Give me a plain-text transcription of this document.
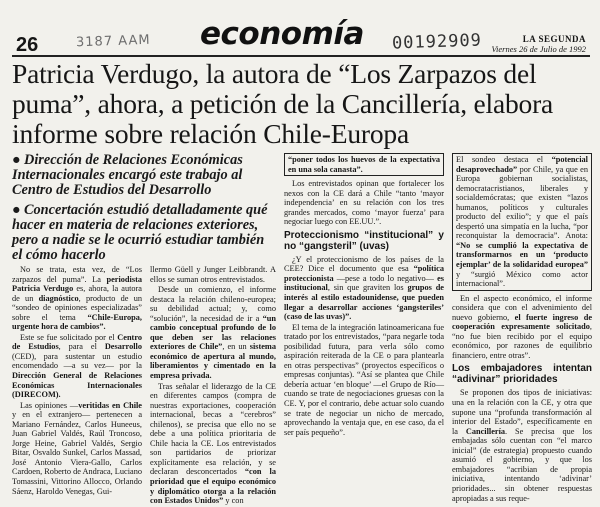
26	3187 AAM economía 00192909	LA SEGUNDA
Viernes 26 de Julio de 1992
Patricia Verdugo, la autora de “Los Zarpazos del puma”, ahora, a petición de la Cancillería, elabora informe sobre relación Chile-Europa

● Dirección de Relaciones Económicas Internacionales encargó este trabajo al Centro de Estudios del Desarrollo

● Concertación estudió detalladamente qué hacer en materia de relaciones exteriores, pero a nadie se le ocurrió estudiar también el cómo hacerlo

No se trata, esta vez, de “Los zarpazos del puma”. La periodista Patricia Verdugo es, ahora, la autora de un diagnóstico, producto de un “sondeo de opiniones especializadas” sobre el tema “Chile-Europa, urgente hora de cambios”.

Este se fue solicitado por el Centro de Estudios, para el Desarrollo (CED), para sustentar un estudio encomendado —a su vez— por la Dirección General de Relaciones Económicas Internacionales (DIRECOM).

Las opiniones —veritidas en Chile y en el extranjero— pertenecen a Mariano Fernández, Carlos Huneeus, Juan Gabriel Valdés, Raúl Troncoso, Jorge Heine, Gabriel Valdés, Sergio Bitar, Osvaldo Sunkel, Carlos Massad, José Antonio Viera-Gallo, Carlos Cardoen, Roberto de Andraca, Luciano Tomassini, Vittorino Allocco, Orlando Sáenz, Haroldo Venegas, Gui-

llermo Güell y Junger Leibbrandt. A ellos se suman otros entrevistados.

Desde un comienzo, el informe destaca la relación chileno-europea; su debilidad actual; y, como “solución”, la necesidad de ir a “un cambio conceptual profundo de lo que deben ser las relaciones exteriores de Chile”, en un sistema económico de apertura al mundo, liberamientos y cimentado en la empresa privada.

Tras señalar el liderazgo de la CE en diferentes campos (compra de nuestras exportaciones, cooperación internacional, becas a “cerebros” chilenos), se precisa que ello no se debe a una política prioritaria de Chile hacia la CE. Los entrevistados son partidarios de priorizar explícitamente esa relación, y se declaran desconcertados “con la prioridad que el equipo económico y diplomático otorga a la relación con Estados Unidos” y con

“poner todos los huevos de la expectativa en una sola canasta”.

Los entrevistados opinan que fortalecer los nexos con la CE dará a Chile “tanto ‘mayor independencia’ en su relación con los tres grandes mercados, como ‘mayor fuerza’ para negociar luego con EE.UU.”.

Proteccionismo “institucional” y no “gangsteril” (uvas)

¿Y el proteccionismo de los países de la CEE? Dice el documento que esa “política proteccionista —pese a todo lo negativo— es institucional, sin que graviten los grupos de interés al estilo estadounidense, que pueden llegar a desarrollar acciones ‘gangsteriles’ (caso de las uvas)”.

El tema de la integración latinoamericana fue tratado por los entrevistados, “para negarle toda posibilidad futura, para verla sólo como aspiración reiterada de la CE o para plantearla en otras perspectivas” (proyectos específicos o empresas conjuntas). “Así se plantea que Chile debería actuar ‘en bloque’ —el Grupo de Río— cuando se trate de negociaciones gruesas con la CE. Y, por el contrario, debe actuar solo cuando se trate de negociar un nicho de mercado, aprovechando la ventaja que, en ese caso, da el ser país pequeño”.

El sondeo destaca el “potencial desaprovechado” por Chile, ya que en Europa gobiernan socialistas, democratacristianos, liberales y socialdemócratas; que existen “lazos humanos, políticos y culturales producto del exilio”; y que el país despertó una simpatía en la lucha, “por reconquistar la democracia”. Anota: “No se cumplió la expectativa de transformarnos en un ‘producto ejemplar’ de la solidaridad europea” y “surgió México como actor internacional”.

En el aspecto económico, el informe considera que con el advenimiento del nuevo gobierno, el fuerte ingreso de cooperación expresamente solicitado, “no fue bien recibido por el equipo económico, por razones de equilibrio financiero, entre otras”.

Los embajadores intentan “adivinar” prioridades

Se proponen dos tipos de iniciativas: una en la relación con la CE, y otra que supone una “profunda transformación al interior del Estado”, específicamente en la Cancillería. Se precisa que los embajadas sólo cuentan con “el marco inicial” (de estrategia) propuesto cuando asumió el gobierno, y que los embajadores “acribian de propia iniciativa, intentando ‘adivinar’ prioridades... sin obtener respuestas apropiadas a sus reque-
